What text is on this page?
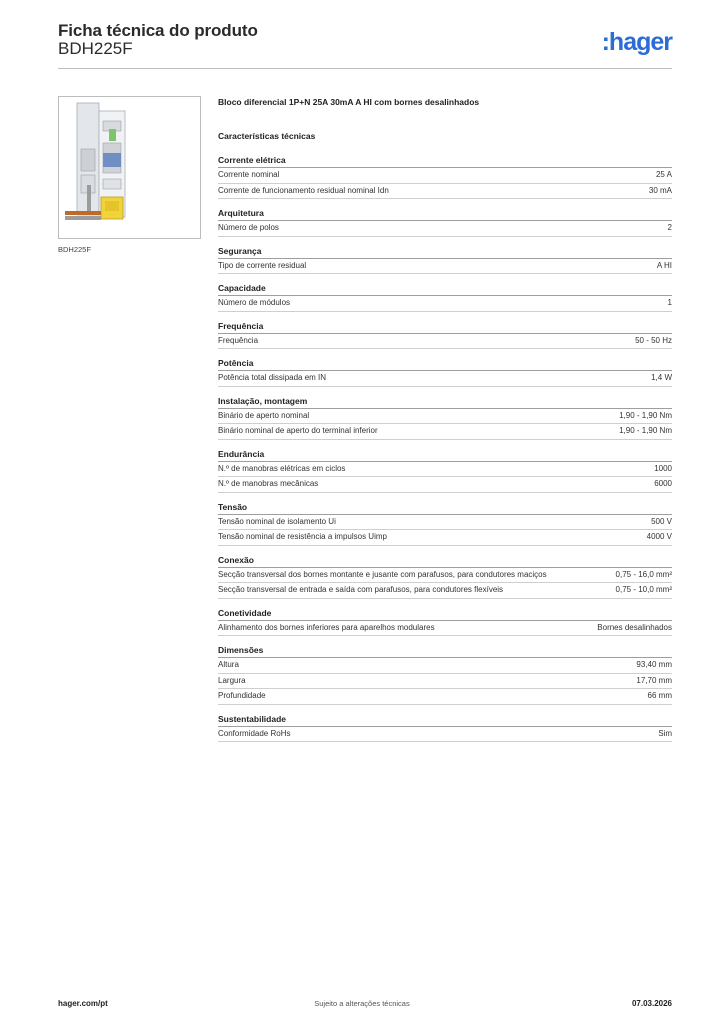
Ficha técnica do produto
BDH225F	:hager
BDH225F
Bloco diferencial 1P+N 25A 30mA A HI com bornes desalinhados
Características técnicas
Corrente elétrica
Corrente nominal	25 A
Corrente de funcionamento residual nominal Idn	30 mA
Arquitetura
Número de polos	2
Segurança
Tipo de corrente residual	A HI
Capacidade
Número de módulos	1
Frequência
Frequência	50 - 50 Hz
Potência
Potência total dissipada em IN	1,4 W
Instalação, montagem
Binário de aperto nominal	1,90 - 1,90 Nm
Binário nominal de aperto do terminal inferior	1,90 - 1,90 Nm
Endurância
N.º de manobras elétricas em ciclos	1000
N.º de manobras mecânicas	6000
Tensão
Tensão nominal de isolamento Ui	500 V
Tensão nominal de resistência a impulsos Uimp	4000 V
Conexão
Secção transversal dos bornes montante e jusante com parafusos, para condutores maciços	0,75 - 16,0 mm²
Secção transversal de entrada e saída com parafusos, para condutores flexíveis	0,75 - 10,0 mm²
Conetividade
Alinhamento dos bornes inferiores para aparelhos modulares	Bornes desalinhados
Dimensões
Altura	93,40 mm
Largura	17,70 mm
Profundidade	66 mm
Sustentabilidade
Conformidade RoHs	Sim
hager.com/pt	Sujeito a alterações técnicas	07.03.2026
